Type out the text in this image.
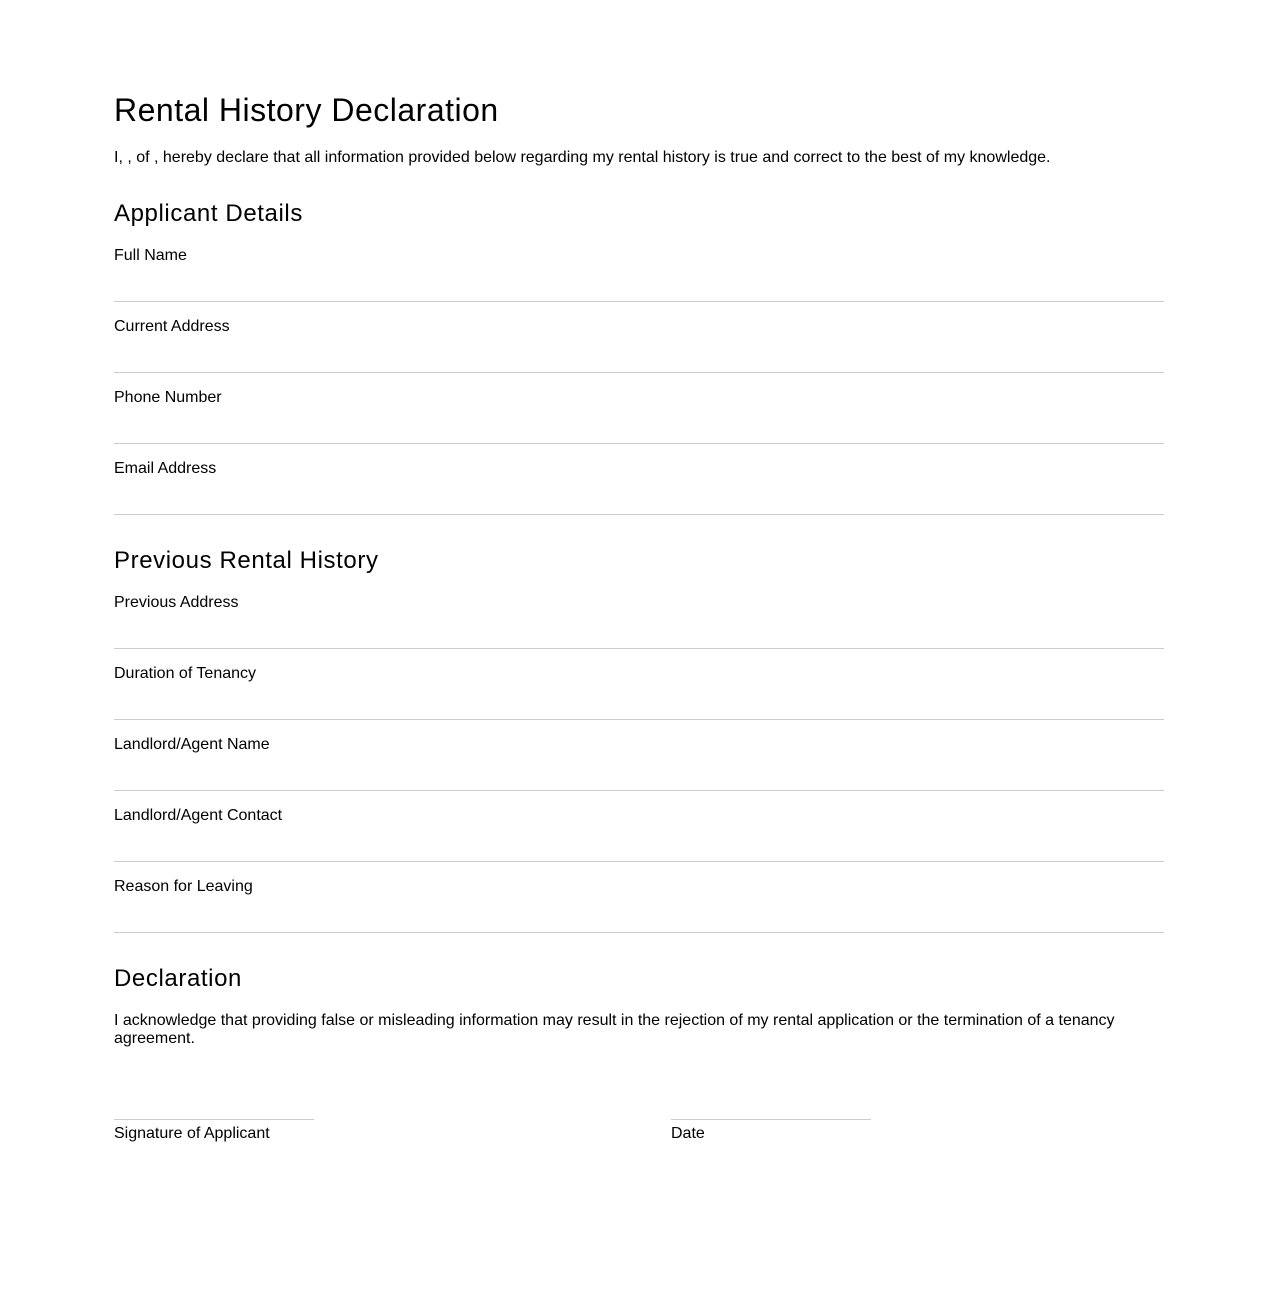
Rental History Declaration

I, , of , hereby declare that all information provided below regarding my rental history is true and correct to the best of my knowledge.

Applicant Details
Full Name
Current Address
Phone Number
Email Address
Previous Rental History
Previous Address
Duration of Tenancy
Landlord/Agent Name
Landlord/Agent Contact
Reason for Leaving
Declaration

I acknowledge that providing false or misleading information may result in the rejection of my rental application or the termination of a tenancy agreement.

Signature of Applicant	Date
